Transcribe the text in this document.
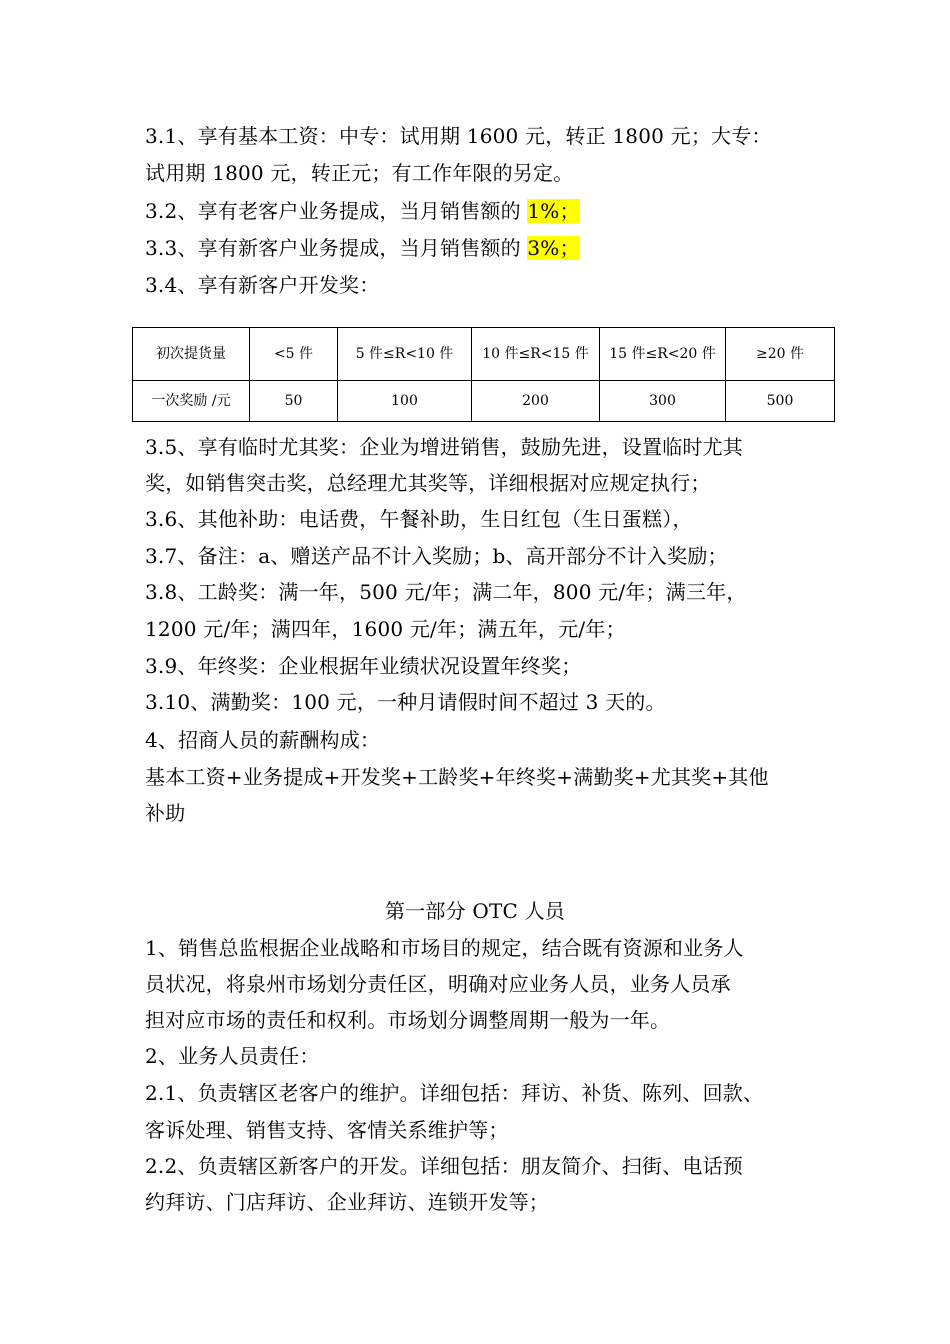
3.1、享有基本工资：中专：试用期 1600 元，转正 1800 元；大专：
试用期 1800 元，转正元；有工作年限的另定。
3.2、享有老客户业务提成，当月销售额的 1%；
3.3、享有新客户业务提成，当月销售额的 3%；
3.4、享有新客户开发奖：
初次提货量	<5 件	5 件≤R<10 件	10 件≤R<15 件	15 件≤R<20 件	≥20 件
一次奖励 /元	50	100	200	300	500
3.5、享有临时尤其奖：企业为增进销售，鼓励先进，设置临时尤其
奖，如销售突击奖，总经理尤其奖等，详细根据对应规定执行；
3.6、其他补助：电话费，午餐补助，生日红包（生日蛋糕），
3.7、备注：a、赠送产品不计入奖励；b、高开部分不计入奖励；
3.8、工龄奖：满一年，500 元/年；满二年，800 元/年；满三年，
1200 元/年；满四年，1600 元/年；满五年，元/年；
3.9、年终奖：企业根据年业绩状况设置年终奖；
3.10、满勤奖：100 元，一种月请假时间不超过 3 天的。
4、招商人员的薪酬构成：
基本工资+业务提成+开发奖+工龄奖+年终奖+满勤奖+尤其奖+其他
补助
第一部分 OTC 人员
1、销售总监根据企业战略和市场目的规定，结合既有资源和业务人
员状况，将泉州市场划分责任区，明确对应业务人员，业务人员承
担对应市场的责任和权利。市场划分调整周期一般为一年。
2、业务人员责任：
2.1、负责辖区老客户的维护。详细包括：拜访、补货、陈列、回款、
客诉处理、销售支持、客情关系维护等；
2.2、负责辖区新客户的开发。详细包括：朋友简介、扫街、电话预
约拜访、门店拜访、企业拜访、连锁开发等；
